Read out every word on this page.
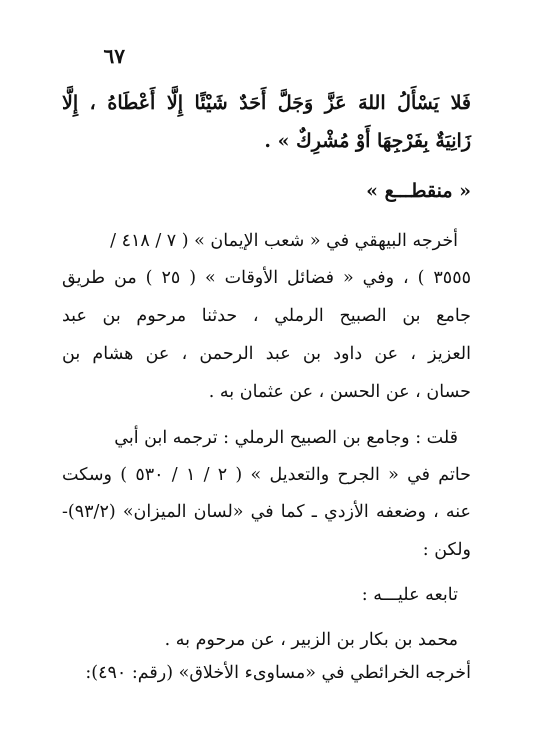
٦٧
فَلا يَسْأَلُ اللهَ عَزَّ وَجَلَّ أَحَدٌ شَيْئًا إِلَّا أَعْطَاهُ ، إِلَّا
زَانِيَةٌ بِفَرْجِهَا أَوْ مُشْرِكٌ » .
« منقطـــع »
أخرجه البيهقي في « شعب الإيمان » ( ٧ / ٤١٨ /
٣٥٥٥ ) ، وفي « فضائل الأوقات » ( ٢٥ ) من طريق
جامع بن الصبيح الرملي ، حدثنا مرحوم بن عبد
العزيز ، عن داود بن عبد الرحمن ، عن هشام بن
حسان ، عن الحسن ، عن عثمان به .
قلت : وجامع بن الصبيح الرملي : ترجمه ابن أبي
حاتم في « الجرح والتعديل » ( ٢ / ١ / ٥٣٠ ) وسكت
عنه ، وضعفه الأزدي ـ كما في «لسان الميزان» (٩٣/٢)-
ولكن :
تابعه عليـــه :
محمد بن بكار بن الزبير ، عن مرحوم به .
أخرجه الخرائطي في «مساوىء الأخلاق» (رقم: ٤٩٠):
